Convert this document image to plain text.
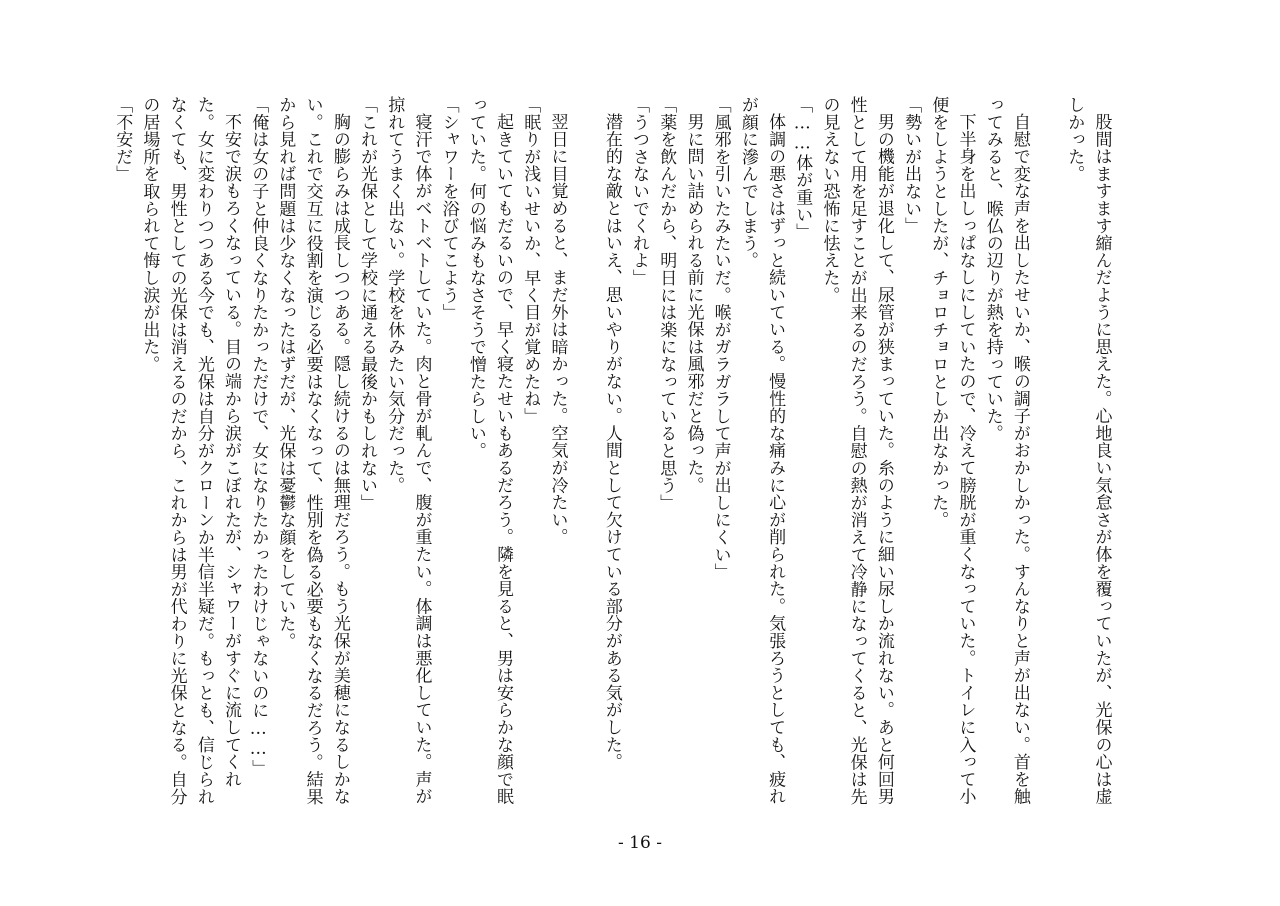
股間はますます縮んだように思えた。心地良い気怠さが体を覆っていたが、光保の心は虚しかった。

自慰で変な声を出したせいか、喉の調子がおかしかった。すんなりと声が出ない。首を触ってみると、喉仏の辺りが熱を持っていた。

下半身を出しっぱなしにしていたので、冷えて膀胱が重くなっていた。トイレに入って小便をしようとしたが、チョロチョロとしか出なかった。

「勢いが出ない」

男の機能が退化して、尿管が狭まっていた。糸のように細い尿しか流れない。あと何回男性として用を足すことが出来るのだろう。自慰の熱が消えて冷静になってくると、光保は先の見えない恐怖に怯えた。

「……体が重い」

体調の悪さはずっと続いている。慢性的な痛みに心が削られた。気張ろうとしても、疲れが顔に滲んでしまう。

「風邪を引いたみたいだ。喉がガラガラして声が出しにくい」

男に問い詰められる前に光保は風邪だと偽った。

「薬を飲んだから、明日には楽になっていると思う」

「うつさないでくれよ」

潜在的な敵とはいえ、思いやりがない。人間として欠けている部分がある気がした。

翌日に目覚めると、まだ外は暗かった。空気が冷たい。

「眠りが浅いせいか、早く目が覚めたね」

起きていてもだるいので、早く寝たせいもあるだろう。隣を見ると、男は安らかな顔で眠っていた。何の悩みもなさそうで憎たらしい。

「シャワーを浴びてこよう」

寝汗で体がベトベトしていた。肉と骨が軋んで、腹が重たい。体調は悪化していた。声が掠れてうまく出ない。学校を休みたい気分だった。

「これが光保として学校に通える最後かもしれない」

胸の膨らみは成長しつつある。隠し続けるのは無理だろう。もう光保が美穂になるしかない。これで交互に役割を演じる必要はなくなって、性別を偽る必要もなくなるだろう。結果から見れば問題は少なくなったはずだが、光保は憂鬱な顔をしていた。

「俺は女の子と仲良くなりたかっただけで、女になりたかったわけじゃないのに……」

不安で涙もろくなっている。目の端から涙がこぼれたが、シャワーがすぐに流してくれた。女に変わりつつある今でも、光保は自分がクローンか半信半疑だ。もっとも、信じられなくても、男性としての光保は消えるのだから、これからは男が代わりに光保となる。自分の居場所を取られて悔し涙が出た。

「不安だ」

- 16 -
